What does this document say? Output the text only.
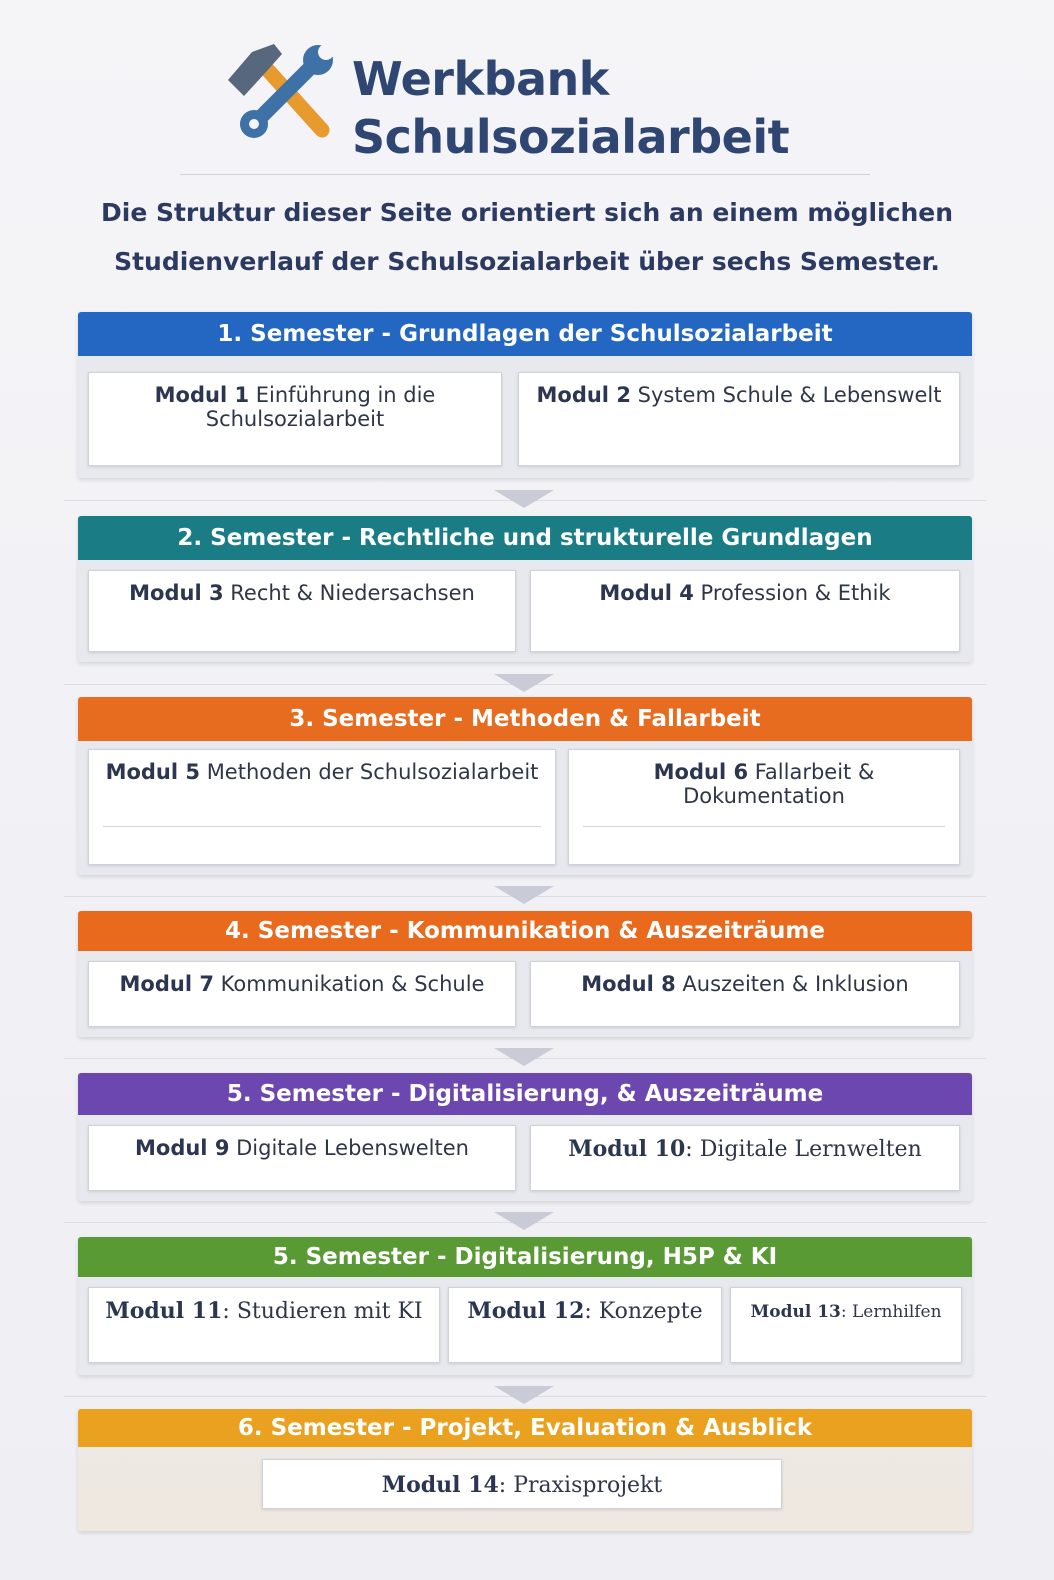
Werkbank
Schulsozialarbeit
Die Struktur dieser Seite orientiert sich an einem möglichen
Studienverlauf der Schulsozialarbeit über sechs Semester.
1. Semester - Grundlagen der Schulsozialarbeit
Modul 1 Einführung in die Schulsozialarbeit
Modul 2 System Schule & Lebenswelt
2. Semester - Rechtliche und strukturelle Grundlagen
Modul 3 Recht & Niedersachsen	Modul 4 Profession & Ethik
3. Semester - Methoden & Fallarbeit
Modul 5 Methoden der Schulsozialarbeit	Modul 6 Fallarbeit & Dokumentation
4. Semester - Kommunikation & Auszeiträume
Modul 7 Kommunikation & Schule	Modul 8 Auszeiten & Inklusion
5. Semester - Digitalisierung, & Auszeiträume
Modul 9 Digitale Lebenswelten	Modul 10: Digitale Lernwelten
5. Semester - Digitalisierung, H5P & KI
Modul 11: Studieren mit KI	Modul 12: Konzepte	Modul 13: Lernhilfen
6. Semester - Projekt, Evaluation & Ausblick
Modul 14: Praxisprojekt
